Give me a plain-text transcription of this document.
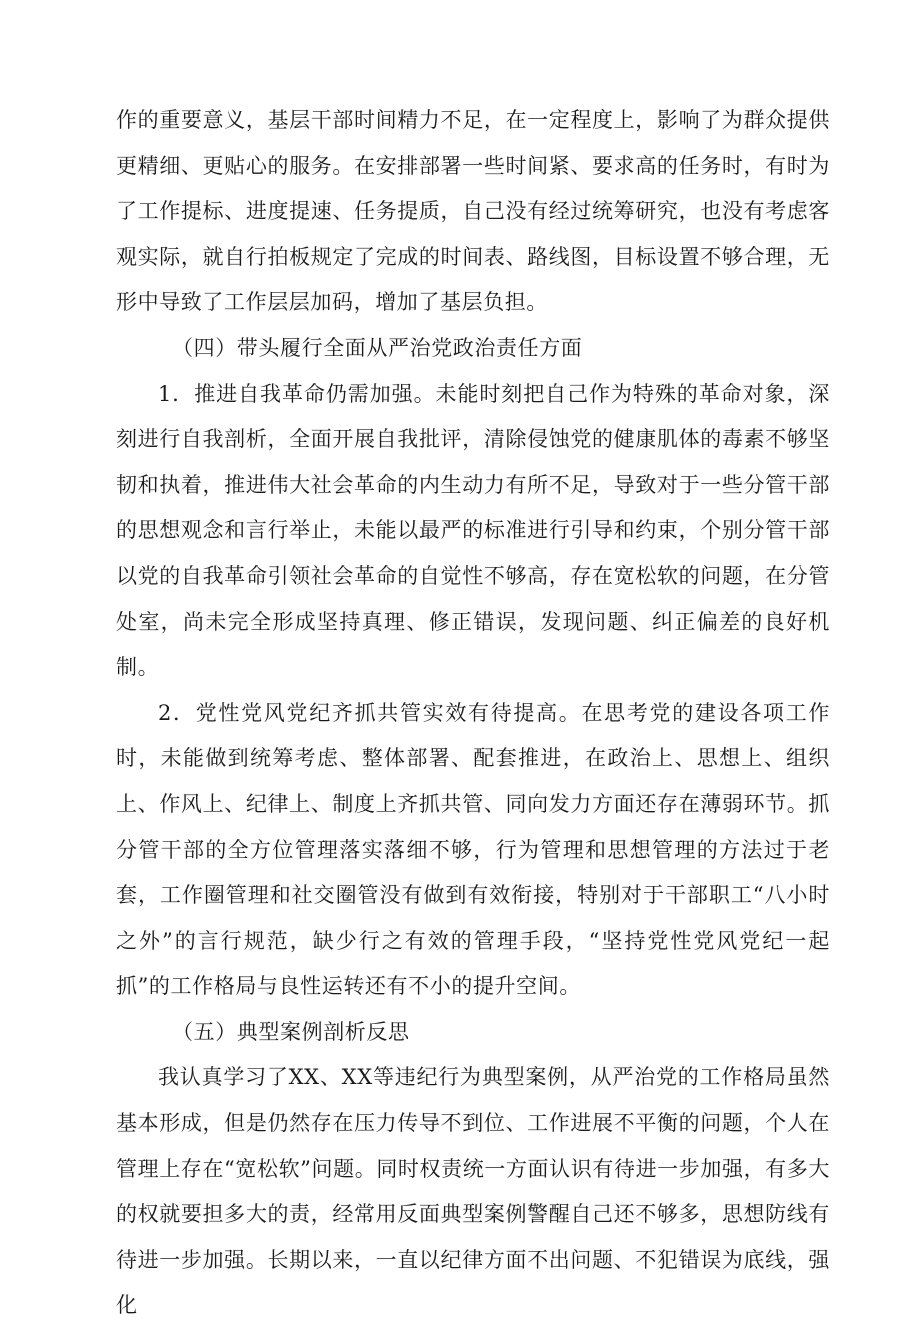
作的重要意义，基层干部时间精力不足，在一定程度上，影响了为群众提供更精细、更贴心的服务。在安排部署一些时间紧、要求高的任务时，有时为了工作提标、进度提速、任务提质，自己没有经过统筹研究，也没有考虑客观实际，就自行拍板规定了完成的时间表、路线图，目标设置不够合理，无形中导致了工作层层加码，增加了基层负担。

（四）带头履行全面从严治党政治责任方面

1．推进自我革命仍需加强。未能时刻把自己作为特殊的革命对象，深刻进行自我剖析，全面开展自我批评，清除侵蚀党的健康肌体的毒素不够坚韧和执着，推进伟大社会革命的内生动力有所不足，导致对于一些分管干部的思想观念和言行举止，未能以最严的标准进行引导和约束，个别分管干部以党的自我革命引领社会革命的自觉性不够高，存在宽松软的问题，在分管处室，尚未完全形成坚持真理、修正错误，发现问题、纠正偏差的良好机制。

2．党性党风党纪齐抓共管实效有待提高。在思考党的建设各项工作时，未能做到统筹考虑、整体部署、配套推进，在政治上、思想上、组织上、作风上、纪律上、制度上齐抓共管、同向发力方面还存在薄弱环节。抓分管干部的全方位管理落实落细不够，行为管理和思想管理的方法过于老套，工作圈管理和社交圈管没有做到有效衔接，特别对于干部职工“八小时之外”的言行规范，缺少行之有效的管理手段，“坚持党性党风党纪一起抓”的工作格局与良性运转还有不小的提升空间。

（五）典型案例剖析反思

我认真学习了XX、XX等违纪行为典型案例，从严治党的工作格局虽然基本形成，但是仍然存在压力传导不到位、工作进展不平衡的问题，个人在管理上存在“宽松软”问题。同时权责统一方面认识有待进一步加强，有多大的权就要担多大的责，经常用反面典型案例警醒自己还不够多，思想防线有待进一步加强。长期以来，一直以纪律方面不出问题、不犯错误为底线，强化
